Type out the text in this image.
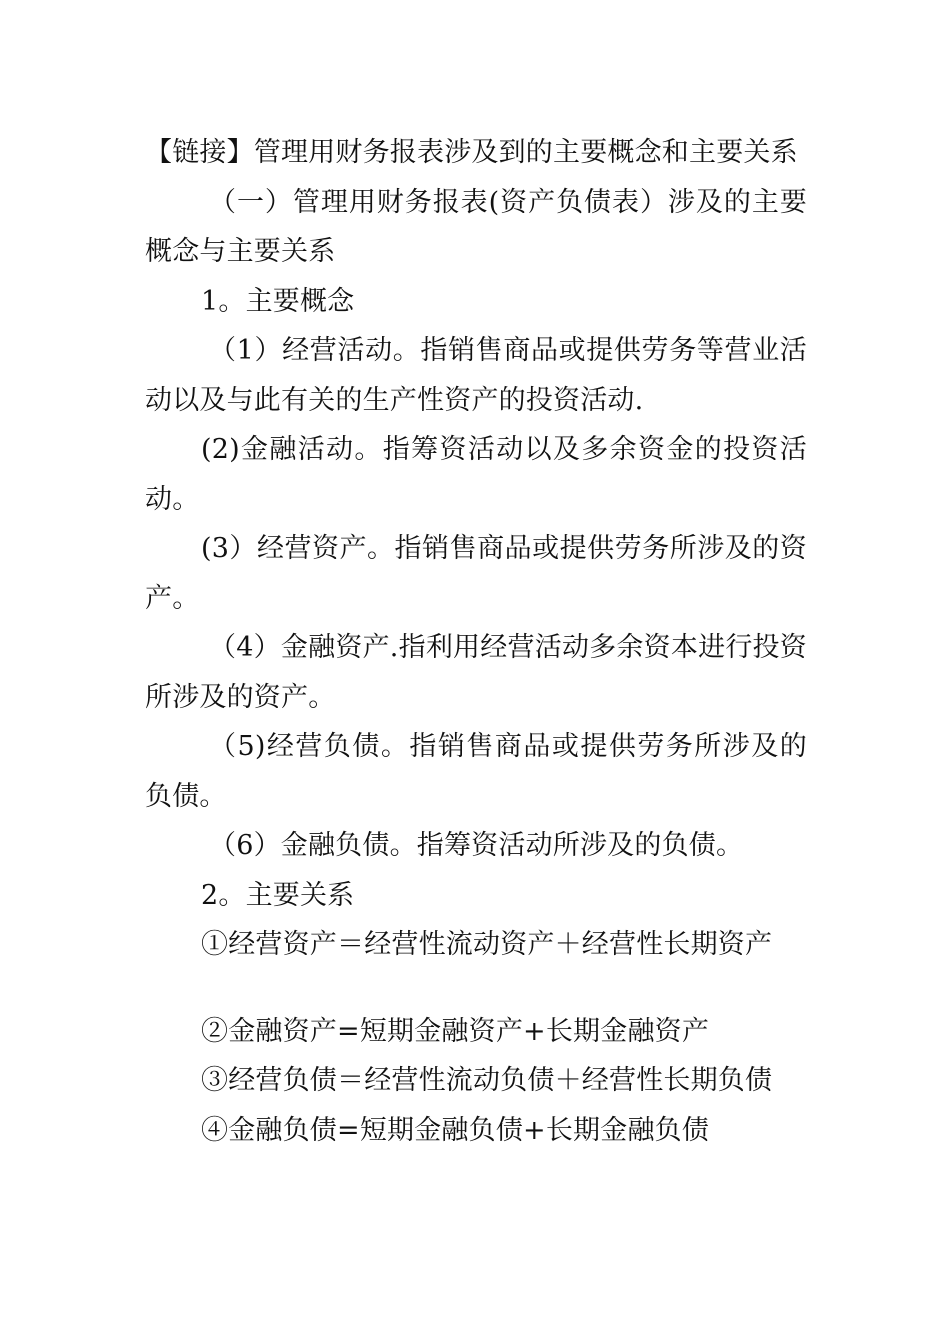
【链接】管理用财务报表涉及到的主要概念和主要关系

（一）管理用财务报表(资产负债表）涉及的主要概念与主要关系

1。主要概念

（1）经营活动。指销售商品或提供劳务等营业活动以及与此有关的生产性资产的投资活动.

(2)金融活动。指筹资活动以及多余资金的投资活动。

(3）经营资产。指销售商品或提供劳务所涉及的资产。

（4）金融资产.指利用经营活动多余资本进行投资所涉及的资产。

（5)经营负债。指销售商品或提供劳务所涉及的负债。

（6）金融负债。指筹资活动所涉及的负债。

2。主要关系

①经营资产＝经营性流动资产＋经营性长期资产

②金融资产=短期金融资产+长期金融资产

③经营负债＝经营性流动负债＋经营性长期负债

④金融负债=短期金融负债+长期金融负债
